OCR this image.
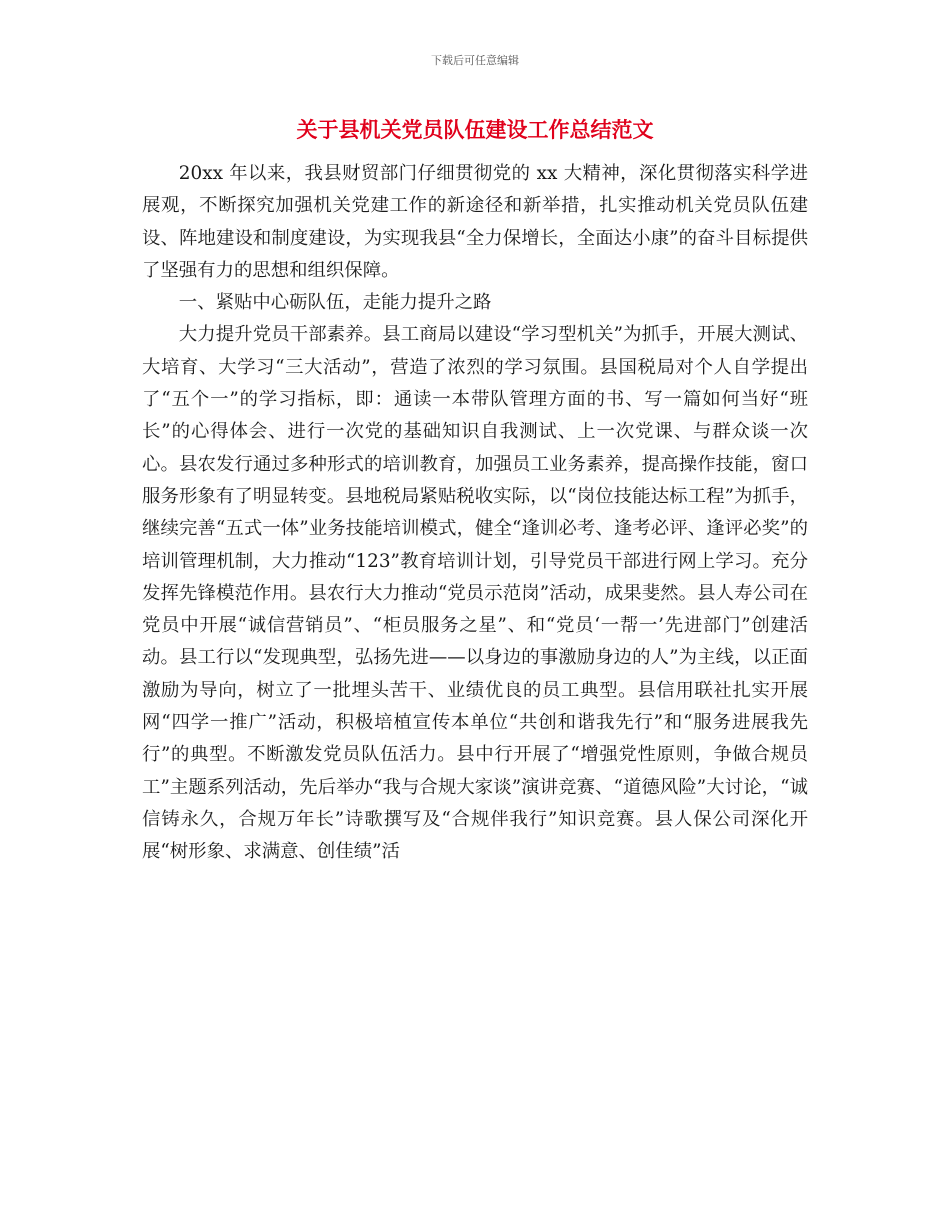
下载后可任意编辑
关于县机关党员队伍建设工作总结范文

20xx 年以来，我县财贸部门仔细贯彻党的 xx 大精神，深化贯彻落实科学进展观，不断探究加强机关党建工作的新途径和新举措，扎实推动机关党员队伍建设、阵地建设和制度建设，为实现我县“全力保增长，全面达小康”的奋斗目标提供了坚强有力的思想和组织保障。

一、紧贴中心砺队伍，走能力提升之路

大力提升党员干部素养。县工商局以建设“学习型机关”为抓手，开展大测试、大培育、大学习“三大活动”，营造了浓烈的学习氛围。县国税局对个人自学提出了“五个一”的学习指标，即：通读一本带队管理方面的书、写一篇如何当好“班长”的心得体会、进行一次党的基础知识自我测试、上一次党课、与群众谈一次心。县农发行通过多种形式的培训教育，加强员工业务素养，提高操作技能，窗口服务形象有了明显转变。县地税局紧贴税收实际，以“岗位技能达标工程”为抓手，继续完善“五式一体”业务技能培训模式，健全“逢训必考、逢考必评、逢评必奖”的培训管理机制，大力推动“123”教育培训计划，引导党员干部进行网上学习。充分发挥先锋模范作用。县农行大力推动“党员示范岗”活动，成果斐然。县人寿公司在党员中开展“诚信营销员”、“柜员服务之星”、和“党员‘一帮一’先进部门”创建活动。县工行以“发现典型，弘扬先进——以身边的事激励身边的人”为主线，以正面激励为导向，树立了一批埋头苦干、业绩优良的员工典型。县信用联社扎实开展网“四学一推广”活动，积极培植宣传本单位“共创和谐我先行”和“服务进展我先行”的典型。不断激发党员队伍活力。县中行开展了“增强党性原则，争做合规员工”主题系列活动，先后举办“我与合规大家谈”演讲竞赛、“道德风险”大讨论，“诚信铸永久，合规万年长”诗歌撰写及“合规伴我行”知识竞赛。县人保公司深化开展“树形象、求满意、创佳绩”活
